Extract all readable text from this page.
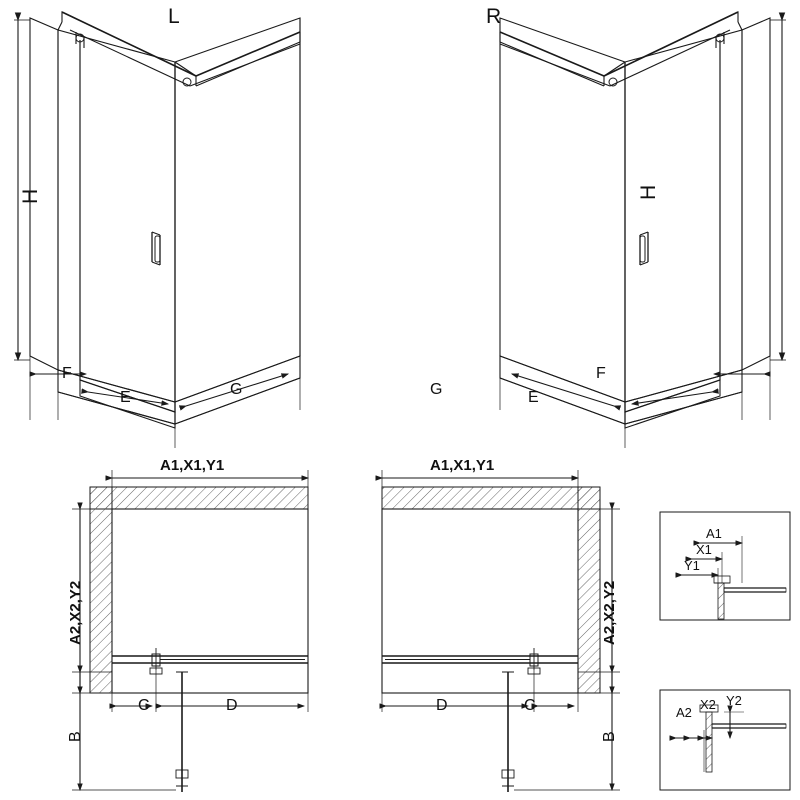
L	R
H	H
F
E	G	G	E
F
A1,X1,Y1	A1,X1,Y1
A2,X2,Y2	A2,X2,Y2
C	D	D	C
B	B
A1
X1
Y1
A2
X2 Y2
